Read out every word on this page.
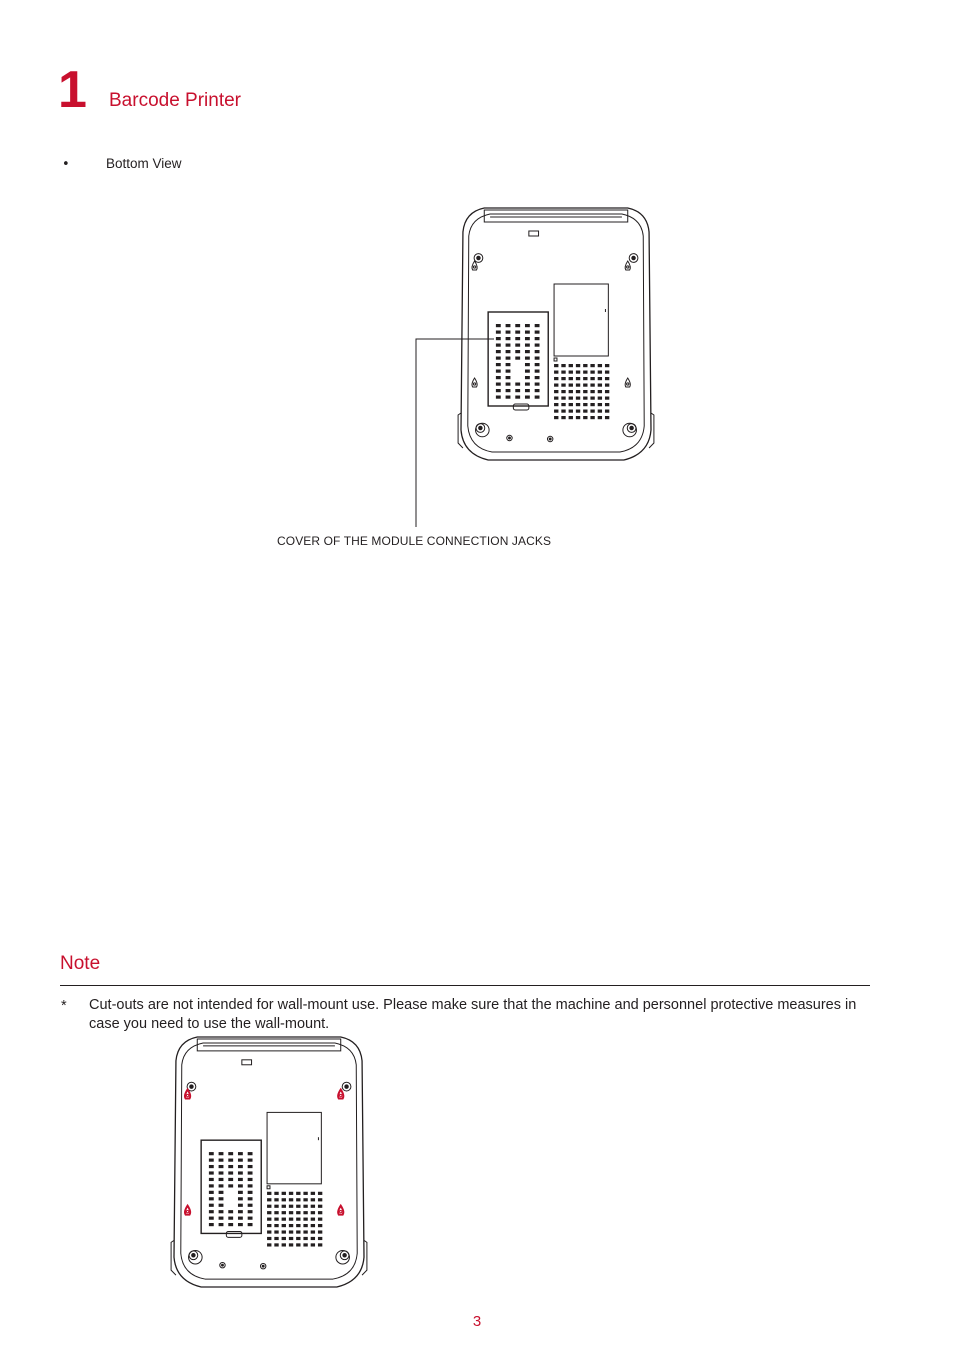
1 Barcode Printer
•	Bottom View
COVER OF THE MODULE CONNECTION JACKS
Note
* Cut-outs are not intended for wall-mount use. Please make sure that the machine and personnel protective measures in case you need to use the wall-mount.
3
